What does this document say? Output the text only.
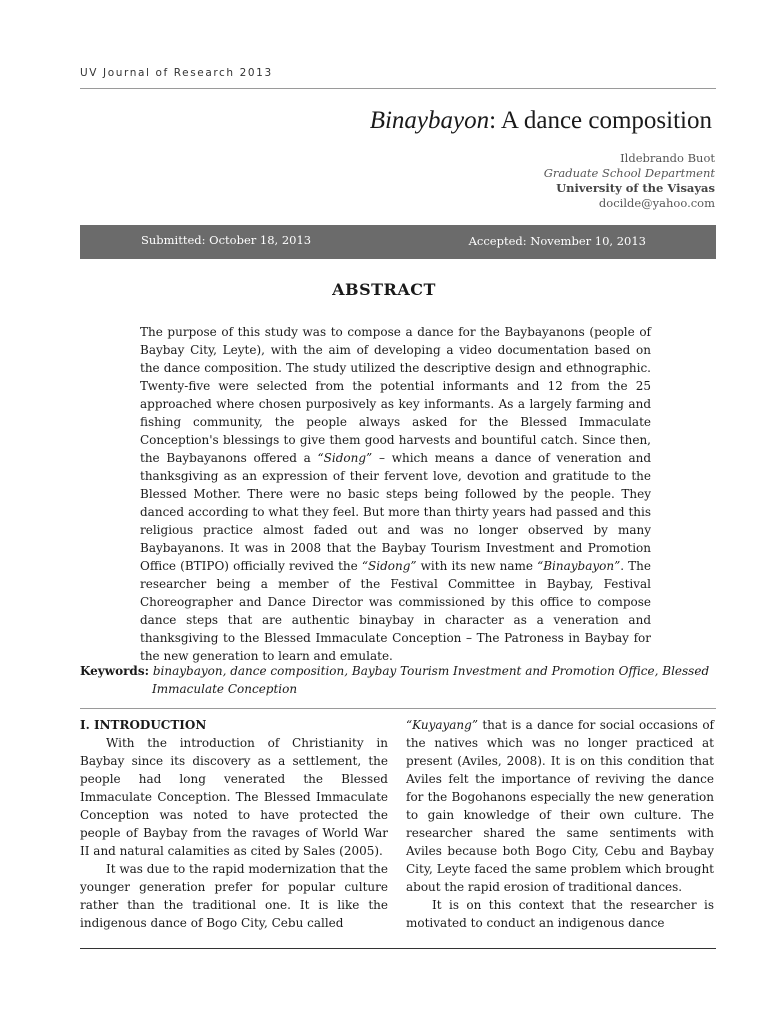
UV Journal of Research 2013
Binaybayon: A dance composition
Ildebrando Buot
Graduate School Department
University of the Visayas
docilde@yahoo.com
Submitted: October 18, 2013	Accepted: November 10, 2013
ABSTRACT

The purpose of this study was to compose a dance for the Baybayanons (people of Baybay City, Leyte), with the aim of developing a video documentation based on the dance composition. The study utilized the descriptive design and ethnographic. Twenty-five were selected from the potential informants and 12 from the 25 approached where chosen purposively as key informants. As a largely farming and fishing community, the people always asked for the Blessed Immaculate Conception's blessings to give them good harvests and bountiful catch. Since then, the Baybayanons offered a “Sidong” – which means a dance of veneration and thanksgiving as an expression of their fervent love, devotion and gratitude to the Blessed Mother. There were no basic steps being followed by the people. They danced according to what they feel. But more than thirty years had passed and this religious practice almost faded out and was no longer observed by many Baybayanons. It was in 2008 that the Baybay Tourism Investment and Promotion Office (BTIPO) officially revived the “Sidong” with its new name “Binaybayon”. The researcher being a member of the Festival Committee in Baybay, Festival Choreographer and Dance Director was commissioned by this office to compose dance steps that are authentic binaybay in character as a veneration and thanksgiving to the Blessed Immaculate Conception – The Patroness in Baybay for the new generation to learn and emulate.

Keywords: binaybayon, dance composition, Baybay Tourism Investment and Promotion Office, Blessed
Immaculate Conception

I. INTRODUCTION

With the introduction of Christianity in Baybay since its discovery as a settlement, the people had long venerated the Blessed Immaculate Conception. The Blessed Immaculate Conception was noted to have protected the people of Baybay from the ravages of World War II and natural calamities as cited by Sales (2005).

It was due to the rapid modernization that the younger generation prefer for popular culture rather than the traditional one. It is like the indigenous dance of Bogo City, Cebu called

“Kuyayang” that is a dance for social occasions of the natives which was no longer practiced at present (Aviles, 2008). It is on this condition that Aviles felt the importance of reviving the dance for the Bogohanons especially the new generation to gain knowledge of their own culture. The researcher shared the same sentiments with Aviles because both Bogo City, Cebu and Baybay City, Leyte faced the same problem which brought about the rapid erosion of traditional dances.

It is on this context that the researcher is motivated to conduct an indigenous dance
